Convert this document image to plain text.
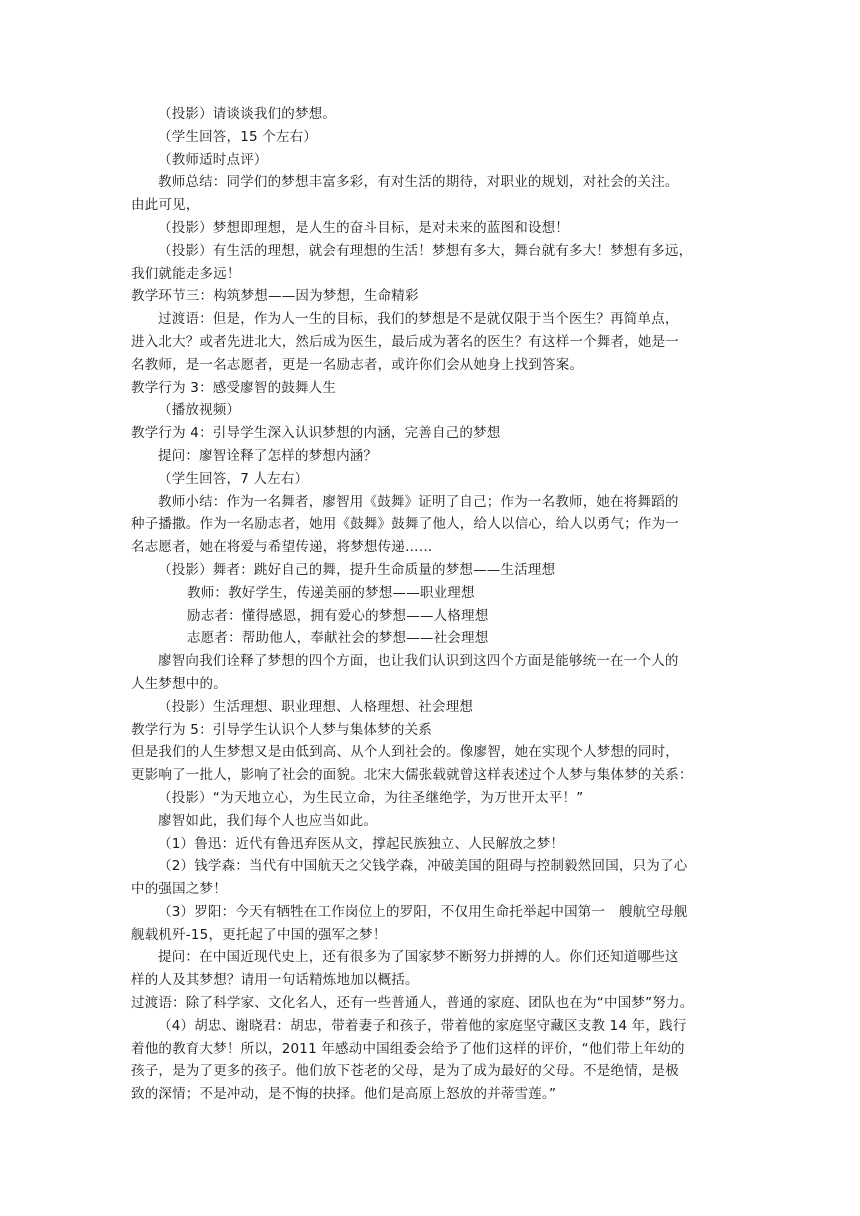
（投影）请谈谈我们的梦想。
（学生回答，15 个左右）
（教师适时点评）
教师总结：同学们的梦想丰富多彩，有对生活的期待，对职业的规划，对社会的关注。
由此可见，
（投影）梦想即理想，是人生的奋斗目标，是对未来的蓝图和设想！
（投影）有生活的理想，就会有理想的生活！梦想有多大，舞台就有多大！梦想有多远，
我们就能走多远！
教学环节三：构筑梦想——因为梦想，生命精彩
过渡语：但是，作为人一生的目标，我们的梦想是不是就仅限于当个医生？再简单点，
进入北大？或者先进北大，然后成为医生，最后成为著名的医生？有这样一个舞者，她是一
名教师，是一名志愿者，更是一名励志者，或许你们会从她身上找到答案。
教学行为 3：感受廖智的鼓舞人生
（播放视频）
教学行为 4：引导学生深入认识梦想的内涵，完善自己的梦想
提问：廖智诠释了怎样的梦想内涵？
（学生回答，7 人左右）
教师小结：作为一名舞者，廖智用《鼓舞》证明了自己；作为一名教师，她在将舞蹈的
种子播撒。作为一名励志者，她用《鼓舞》鼓舞了他人，给人以信心，给人以勇气；作为一
名志愿者，她在将爱与希望传递，将梦想传递……
（投影）舞者：跳好自己的舞，提升生命质量的梦想——生活理想
教师：教好学生，传递美丽的梦想——职业理想
励志者：懂得感恩，拥有爱心的梦想——人格理想
志愿者：帮助他人，奉献社会的梦想——社会理想
廖智向我们诠释了梦想的四个方面，也让我们认识到这四个方面是能够统一在一个人的
人生梦想中的。
（投影）生活理想、职业理想、人格理想、社会理想
教学行为 5：引导学生认识个人梦与集体梦的关系
但是我们的人生梦想又是由低到高、从个人到社会的。像廖智，她在实现个人梦想的同时，
更影响了一批人，影响了社会的面貌。北宋大儒张载就曾这样表述过个人梦与集体梦的关系：
（投影）“为天地立心，为生民立命，为往圣继绝学，为万世开太平！”
廖智如此，我们每个人也应当如此。
（1）鲁迅：近代有鲁迅弃医从文，撑起民族独立、人民解放之梦！
（2）钱学森：当代有中国航天之父钱学森，冲破美国的阻碍与控制毅然回国，只为了心
中的强国之梦！
（3）罗阳：今天有牺牲在工作岗位上的罗阳，不仅用生命托举起中国第一　艘航空母舰
舰载机歼-15，更托起了中国的强军之梦！
提问：在中国近现代史上，还有很多为了国家梦不断努力拼搏的人。你们还知道哪些这
样的人及其梦想？请用一句话精炼地加以概括。
过渡语：除了科学家、文化名人，还有一些普通人，普通的家庭、团队也在为“中国梦”努力。
（4）胡忠、谢晓君：胡忠，带着妻子和孩子，带着他的家庭坚守藏区支教 14 年，践行
着他的教育大梦！所以，2011 年感动中国组委会给予了他们这样的评价，“他们带上年幼的
孩子，是为了更多的孩子。他们放下苍老的父母，是为了成为最好的父母。不是绝情，是极
致的深情；不是冲动，是不悔的抉择。他们是高原上怒放的并蒂雪莲。”
